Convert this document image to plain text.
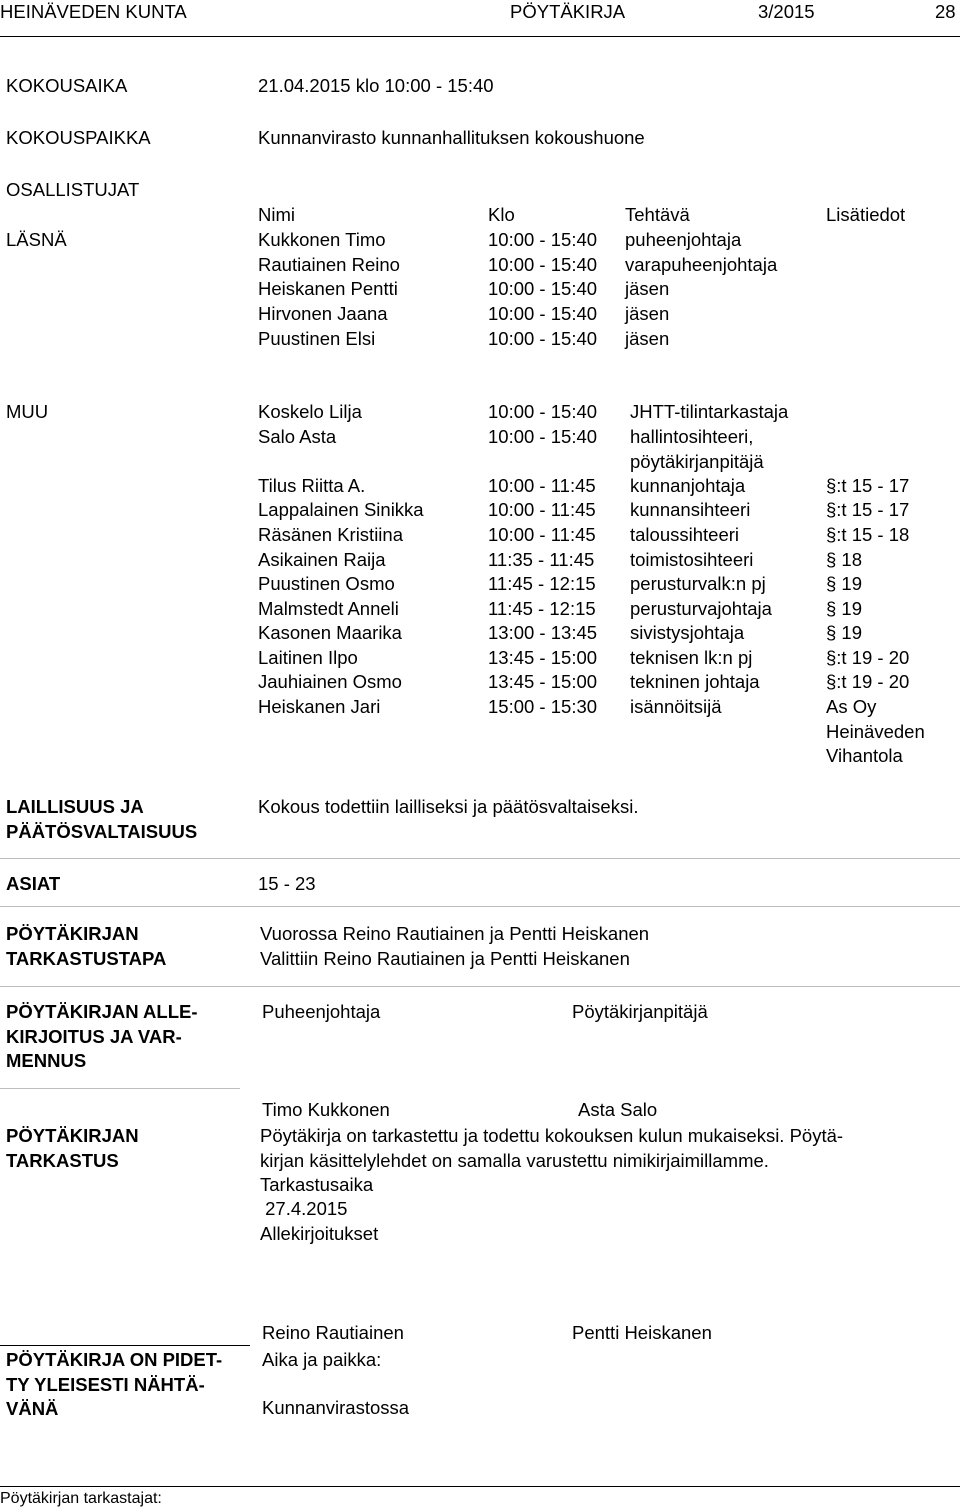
HEINÄVEDEN KUNTA	PÖYTÄKIRJA	3/2015	28
KOKOUSAIKA	21.04.2015 klo 10:00 - 15:40
KOKOUSPAIKKA	Kunnanvirasto kunnanhallituksen kokoushuone
OSALLISTUJAT
Nimi	Klo	Tehtävä	Lisätiedot
LÄSNÄ	Kukkonen Timo	10:00 - 15:40 puheenjohtaja
Rautiainen Reino	10:00 - 15:40 varapuheenjohtaja
Heiskanen Pentti	10:00 - 15:40 jäsen
Hirvonen Jaana	10:00 - 15:40 jäsen
Puustinen Elsi	10:00 - 15:40 jäsen
MUU	Koskelo Lilja	10:00 - 15:40 JHTT-tilintarkastaja
Salo Asta	10:00 - 15:40 hallintosihteeri,
pöytäkirjanpitäjä
Tilus Riitta A.	10:00 - 11:45 kunnanjohtaja	§:t 15 - 17
Lappalainen Sinikka	10:00 - 11:45 kunnansihteeri	§:t 15 - 17
Räsänen Kristiina	10:00 - 11:45 taloussihteeri	§:t 15 - 18
Asikainen Raija	11:35 - 11:45 toimistosihteeri	§ 18
Puustinen Osmo	11:45 - 12:15 perusturvalk:n pj	§ 19
Malmstedt Anneli	11:45 - 12:15 perusturvajohtaja	§ 19
Kasonen Maarika	13:00 - 13:45 sivistysjohtaja	§ 19
Laitinen Ilpo	13:45 - 15:00 teknisen lk:n pj	§:t 19 - 20
Jauhiainen Osmo	13:45 - 15:00 tekninen johtaja	§:t 19 - 20
Heiskanen Jari	15:00 - 15:30 isännöitsijä	As Oy
Heinäveden
Vihantola
LAILLISUUS JA
PÄÄTÖSVALTAISUUS
Kokous todettiin lailliseksi ja päätösvaltaiseksi.
ASIAT	15 - 23
PÖYTÄKIRJAN
TARKASTUSTAPA
Vuorossa Reino Rautiainen ja Pentti Heiskanen
Valittiin Reino Rautiainen ja Pentti Heiskanen
PÖYTÄKIRJAN ALLE-
KIRJOITUS JA VAR-
MENNUS
Puheenjohtaja	Pöytäkirjanpitäjä
Timo Kukkonen	Asta Salo
PÖYTÄKIRJAN
TARKASTUS
Pöytäkirja on tarkastettu ja todettu kokouksen kulun mukaiseksi. Pöytä-
kirjan käsittelylehdet on samalla varustettu nimikirjaimillamme.
Tarkastusaika
27.4.2015
Allekirjoitukset
Reino Rautiainen	Pentti Heiskanen
PÖYTÄKIRJA ON PIDET-
TY YLEISESTI NÄHTÄ-
VÄNÄ
Aika ja paikka:
Kunnanvirastossa
Pöytäkirjan tarkastajat:
